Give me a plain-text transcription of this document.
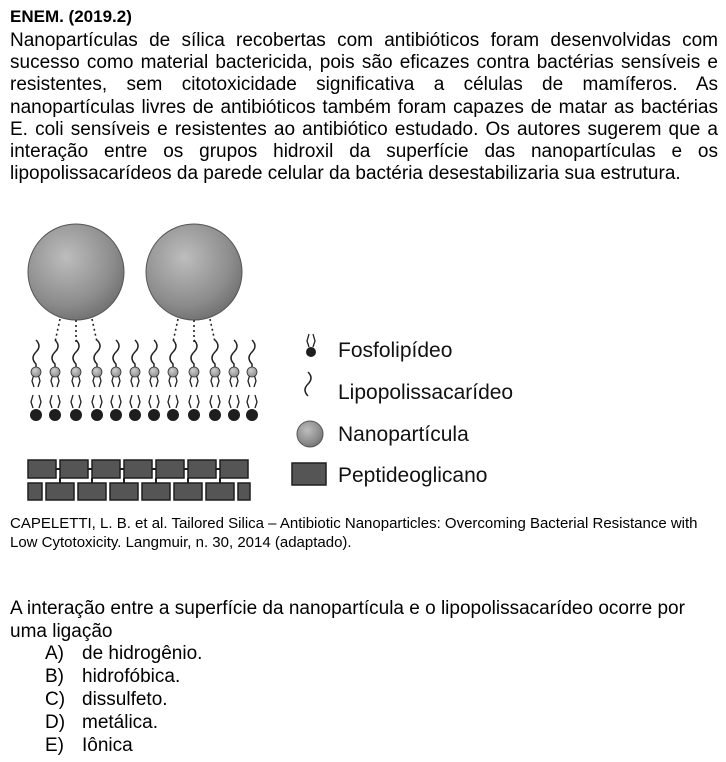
ENEM. (2019.2)
Nanopartículas de sílica recobertas com antibióticos foram desenvolvidas com sucesso como material bactericida, pois são eficazes contra bactérias sensíveis e resistentes, sem citotoxicidade significativa a células de mamíferos. As nanopartículas livres de antibióticos também foram capazes de matar as bactérias E. coli sensíveis e resistentes ao antibiótico estudado. Os autores sugerem que a interação entre os grupos hidroxil da superfície das nanopartículas e os lipopolissacarídeos da parede celular da bactéria desestabilizaria sua estrutura.
Fosfolipídeo
Lipopolissacarídeo
Nanopartícula
Peptideoglicano
CAPELETTI, L. B. et al. Tailored Silica – Antibiotic Nanoparticles: Overcoming Bacterial Resistance with Low Cytotoxicity. Langmuir, n. 30, 2014 (adaptado).
A interação entre a superfície da nanopartícula e o lipopolissacarídeo ocorre por uma ligação
A) de hidrogênio.
B) hidrofóbica.
C) dissulfeto.
D) metálica.
E) Iônica
